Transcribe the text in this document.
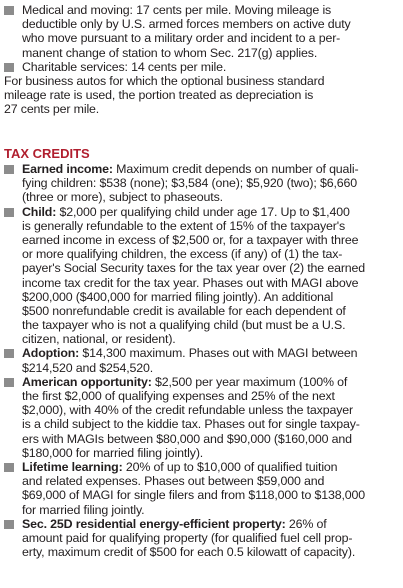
Medical and moving: 17 cents per mile. Moving mileage is
deductible only by U.S. armed forces members on active duty
who move pursuant to a military order and incident to a per-
manent change of station to whom Sec. 217(g) applies.
Charitable services: 14 cents per mile.
For business autos for which the optional business standard
mileage rate is used, the portion treated as depreciation is
27 cents per mile.
TAX CREDITS
Earned income: Maximum credit depends on number of quali-
fying children: $538 (none); $3,584 (one); $5,920 (two); $6,660
(three or more), subject to phaseouts.
Child: $2,000 per qualifying child under age 17. Up to $1,400
is generally refundable to the extent of 15% of the taxpayer's
earned income in excess of $2,500 or, for a taxpayer with three
or more qualifying children, the excess (if any) of (1) the tax-
payer's Social Security taxes for the tax year over (2) the earned
income tax credit for the tax year. Phases out with MAGI above
$200,000 ($400,000 for married filing jointly). An additional
$500 nonrefundable credit is available for each dependent of
the taxpayer who is not a qualifying child (but must be a U.S.
citizen, national, or resident).
Adoption: $14,300 maximum. Phases out with MAGI between
$214,520 and $254,520.
American opportunity: $2,500 per year maximum (100% of
the first $2,000 of qualifying expenses and 25% of the next
$2,000), with 40% of the credit refundable unless the taxpayer
is a child subject to the kiddie tax. Phases out for single taxpay-
ers with MAGIs between $80,000 and $90,000 ($160,000 and
$180,000 for married filing jointly).
Lifetime learning: 20% of up to $10,000 of qualified tuition
and related expenses. Phases out between $59,000 and
$69,000 of MAGI for single filers and from $118,000 to $138,000
for married filing jointly.
Sec. 25D residential energy-efficient property: 26% of
amount paid for qualifying property (for qualified fuel cell prop-
erty, maximum credit of $500 for each 0.5 kilowatt of capacity).
